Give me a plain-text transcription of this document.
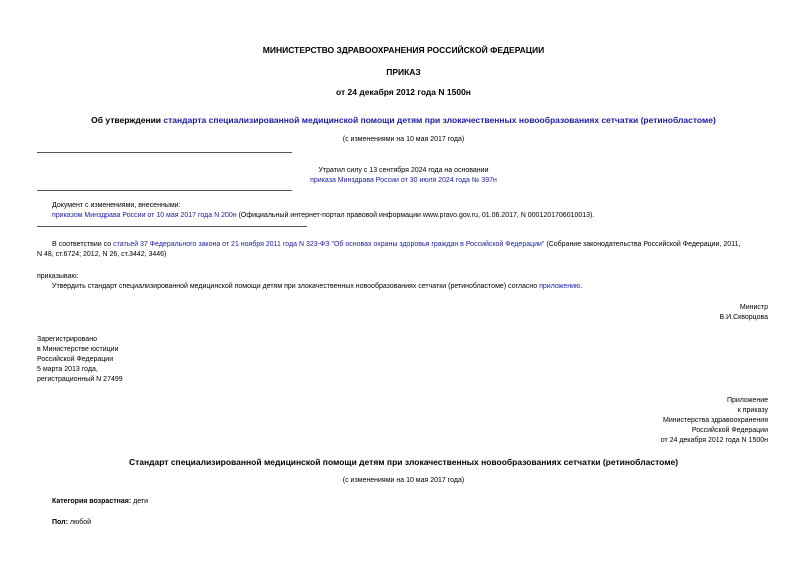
МИНИСТЕРСТВО ЗДРАВООХРАНЕНИЯ РОССИЙСКОЙ ФЕДЕРАЦИИ
ПРИКАЗ
от 24 декабря 2012 года N 1500н
Об утверждении стандарта специализированной медицинской помощи детям при злокачественных новообразованиях сетчатки (ретинобластоме)
(с изменениями на 10 мая 2017 года)
Утратил силу с 13 сентября 2024 года на основании
приказа Минздрава России от 30 июля 2024 года № 397н
Документ с изменениями, внесенными:
приказом Минздрава России от 10 мая 2017 года N 200н (Официальный интернет-портал правовой информации www.pravo.gov.ru, 01.06.2017, N 0001201706010013).
В соответствии со статьей 37 Федерального закона от 21 ноября 2011 года N 323-ФЗ "Об основах охраны здоровья граждан в Российской Федерации" (Собрание законодательства Российской Федерации, 2011,
N 48, ст.6724; 2012, N 26, ст.3442, 3446)
приказываю:
Утвердить стандарт специализированной медицинской помощи детям при злокачественных новообразованиях сетчатки (ретинобластоме) согласно приложению.
Министр
В.И.Скворцова
Зарегистрировано
в Министерстве юстиции
Российской Федерации
5 марта 2013 года,
регистрационный N 27499
Приложение
к приказу
Министерства здравоохранения
Российской Федерации
от 24 декабря 2012 года N 1500н
Стандарт специализированной медицинской помощи детям при злокачественных новообразованиях сетчатки (ретинобластоме)
(с изменениями на 10 мая 2017 года)
Категория возрастная: дети
Пол: любой
